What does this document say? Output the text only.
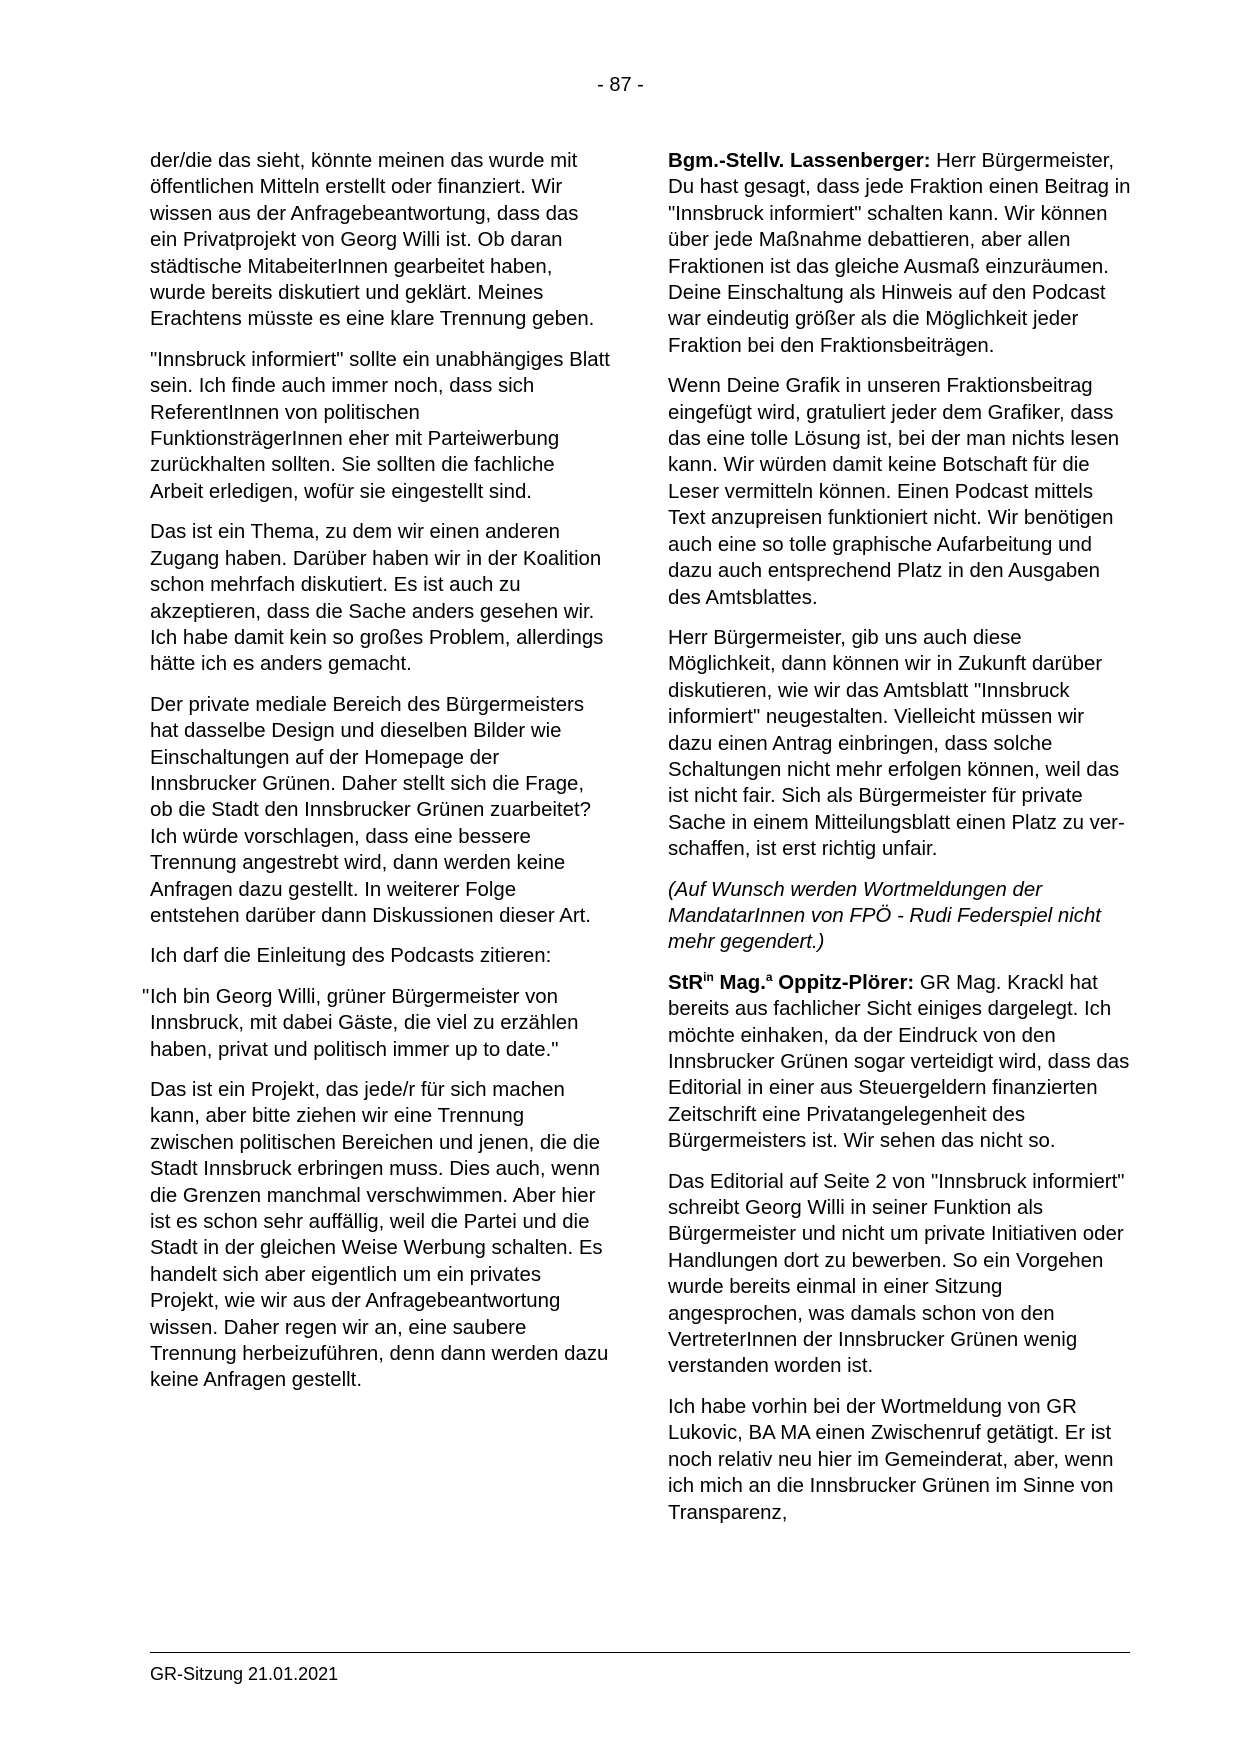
- 87 -

der/die das sieht, könnte meinen das wurde mit öffentlichen Mitteln erstellt oder finanziert. Wir wissen aus der Anfragebeantwortung, dass das ein Privatprojekt von Georg Willi ist. Ob daran städtische MitabeiterInnen gearbeitet haben, wurde bereits diskutiert und geklärt. Meines Erachtens müsste es eine klare Trennung geben.

"Innsbruck informiert" sollte ein unabhängiges Blatt sein. Ich finde auch immer noch, dass sich ReferentInnen von politischen FunktionsträgerInnen eher mit Parteiwerbung zurückhalten sollten. Sie sollten die fachliche Arbeit erledigen, wofür sie eingestellt sind.

Das ist ein Thema, zu dem wir einen anderen Zugang haben. Darüber haben wir in der Koalition schon mehrfach diskutiert. Es ist auch zu akzeptieren, dass die Sache anders gesehen wir. Ich habe damit kein so großes Problem, allerdings hätte ich es anders gemacht.

Der private mediale Bereich des Bürgermeisters hat dasselbe Design und dieselben Bilder wie Einschaltungen auf der Homepage der Innsbrucker Grünen. Daher stellt sich die Frage, ob die Stadt den Innsbrucker Grünen zuarbeitet? Ich würde vorschlagen, dass eine bessere Trennung angestrebt wird, dann werden keine Anfragen dazu gestellt. In weiterer Folge entstehen darüber dann Diskussionen dieser Art.

Ich darf die Einleitung des Podcasts zitieren:

" Ich bin Georg Willi, grüner Bürgermeister von Innsbruck, mit dabei Gäste, die viel zu erzählen haben, privat und politisch immer up to date."

Das ist ein Projekt, das jede/r für sich machen kann, aber bitte ziehen wir eine Trennung zwischen politischen Bereichen und jenen, die die Stadt Innsbruck erbringen muss. Dies auch, wenn die Grenzen manchmal verschwimmen. Aber hier ist es schon sehr auffällig, weil die Partei und die Stadt in der gleichen Weise Werbung schalten. Es handelt sich aber eigentlich um ein privates Projekt, wie wir aus der Anfragebeantwortung wissen. Daher regen wir an, eine saubere Trennung herbeizuführen, denn dann werden dazu keine Anfragen gestellt.

Bgm.-Stellv. Lassenberger: Herr Bürgermeister, Du hast gesagt, dass jede Fraktion einen Beitrag in "Innsbruck informiert" schalten kann. Wir können über jede Maßnahme debattieren, aber allen Fraktionen ist das gleiche Ausmaß einzuräumen. Deine Einschaltung als Hinweis auf den Podcast war eindeutig größer als die Möglichkeit jeder Fraktion bei den Fraktionsbeiträgen.

Wenn Deine Grafik in unseren Fraktionsbeitrag eingefügt wird, gratuliert jeder dem Grafiker, dass das eine tolle Lösung ist, bei der man nichts lesen kann. Wir würden damit keine Botschaft für die Leser vermitteln können. Einen Podcast mittels Text anzupreisen funktioniert nicht. Wir benötigen auch eine so tolle graphische Aufarbeitung und dazu auch entsprechend Platz in den Ausgaben des Amtsblattes.

Herr Bürgermeister, gib uns auch diese Möglichkeit, dann können wir in Zukunft darüber diskutieren, wie wir das Amtsblatt "Innsbruck informiert" neugestalten. Vielleicht müssen wir dazu einen Antrag einbringen, dass solche Schaltungen nicht mehr erfolgen können, weil das ist nicht fair. Sich als Bürgermeister für private Sache in einem Mitteilungsblatt einen Platz zu verschaffen, ist erst richtig unfair.

(Auf Wunsch werden Wortmeldungen der MandatarInnen von FPÖ - Rudi Federspiel nicht mehr gegendert.)

StR$^{in}$ Mag.$^a$ Oppitz-Plörer: GR Mag. Krackl hat bereits aus fachlicher Sicht einiges dargelegt. Ich möchte einhaken, da der Eindruck von den Innsbrucker Grünen sogar verteidigt wird, dass das Editorial in einer aus Steuergeldern finanzierten Zeitschrift eine Privatangelegenheit des Bürgermeisters ist. Wir sehen das nicht so.

Das Editorial auf Seite 2 von "Innsbruck informiert" schreibt Georg Willi in seiner Funktion als Bürgermeister und nicht um private Initiativen oder Handlungen dort zu bewerben. So ein Vorgehen wurde bereits einmal in einer Sitzung angesprochen, was damals schon von den VertreterInnen der Innsbrucker Grünen wenig verstanden worden ist.

Ich habe vorhin bei der Wortmeldung von GR Lukovic, BA MA einen Zwischenruf getätigt. Er ist noch relativ neu hier im Gemeinderat, aber, wenn ich mich an die Innsbrucker Grünen im Sinne von Transparenz,

GR-Sitzung 21.01.2021
